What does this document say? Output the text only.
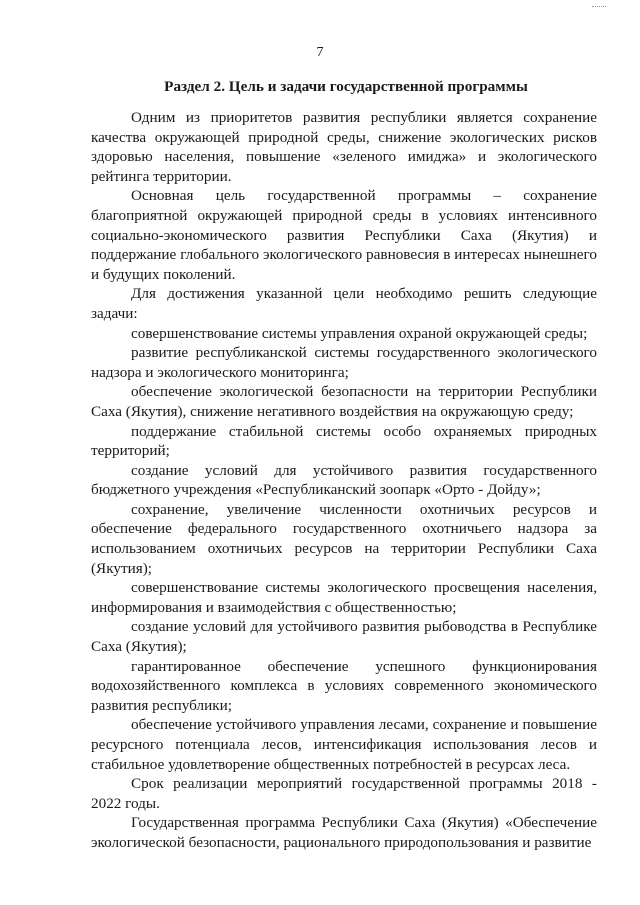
7
Раздел 2. Цель и задачи государственной программы

Одним из приоритетов развития республики является сохранение качества окружающей природной среды, снижение экологических рисков здоровью населения, повышение «зеленого имиджа» и экологического рейтинга территории.

Основная цель государственной программы – сохранение благоприятной окружающей природной среды в условиях интенсивного социально-экономического развития Республики Саха (Якутия) и поддержание глобального экологического равновесия в интересах нынешнего и будущих поколений.

Для достижения указанной цели необходимо решить следующие задачи:

совершенствование системы управления охраной окружающей среды;

развитие республиканской системы государственного экологического надзора и экологического мониторинга;

обеспечение экологической безопасности на территории Республики Саха (Якутия), снижение негативного воздействия на окружающую среду;

поддержание стабильной системы особо охраняемых природных территорий;

создание условий для устойчивого развития государственного бюджетного учреждения «Республиканский зоопарк «Орто - Дойду»;

сохранение, увеличение численности охотничьих ресурсов и обеспечение федерального государственного охотничьего надзора за использованием охотничьих ресурсов на территории Республики Саха (Якутия);

совершенствование системы экологического просвещения населения, информирования и взаимодействия с общественностью;

создание условий для устойчивого развития рыбоводства в Республике Саха (Якутия);

гарантированное обеспечение успешного функционирования водохозяйственного комплекса в условиях современного экономического развития республики;

обеспечение устойчивого управления лесами, сохранение и повышение ресурсного потенциала лесов, интенсификация использования лесов и стабильное удовлетворение общественных потребностей в ресурсах леса.

Срок реализации мероприятий государственной программы 2018 - 2022 годы.

Государственная программа Республики Саха (Якутия) «Обеспечение экологической безопасности, рационального природопользования и развитие
